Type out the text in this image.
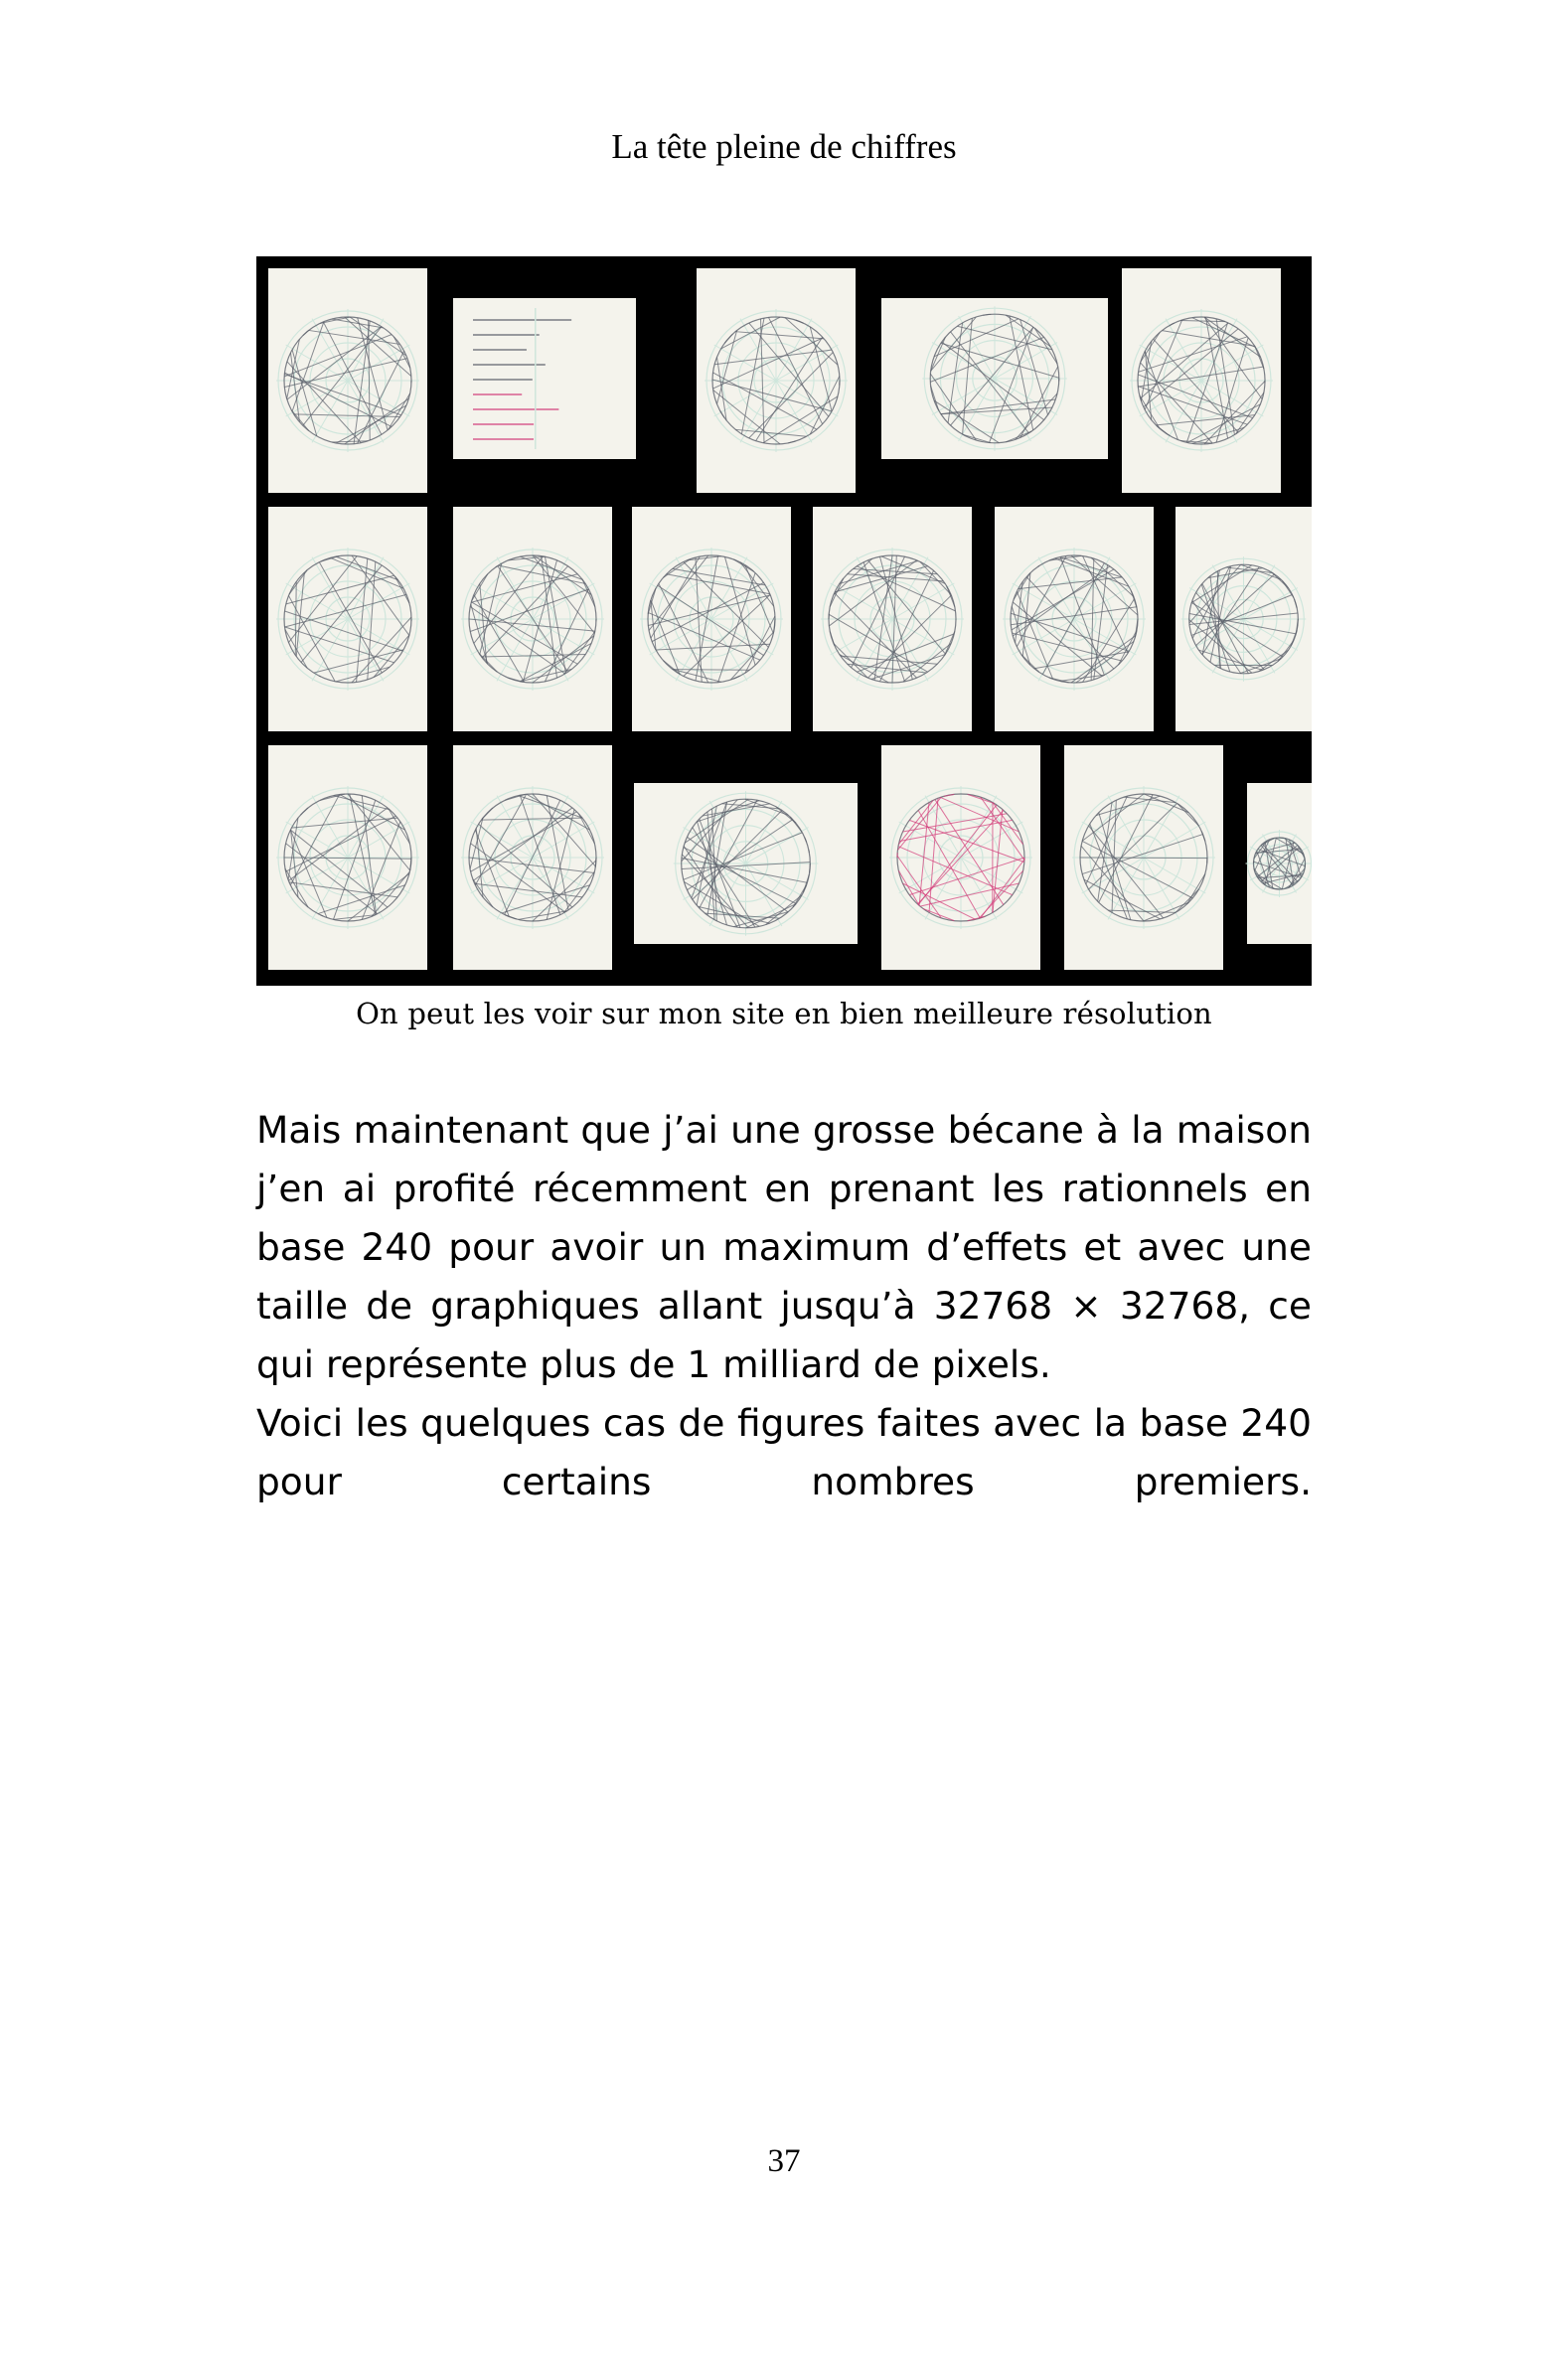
La tête pleine de chiffres
On peut les voir sur mon site en bien meilleure résolution

Mais maintenant que j’ai une grosse bécane à la maison j’en ai profité récemment en prenant les rationnels en base 240 pour avoir un maximum d’effets et avec une taille de graphiques allant jusqu’à 32768 × 32768, ce qui représente plus de 1 milliard de pixels.

Voici les quelques cas de figures faites avec la base 240 pour certains nombres premiers.

37
